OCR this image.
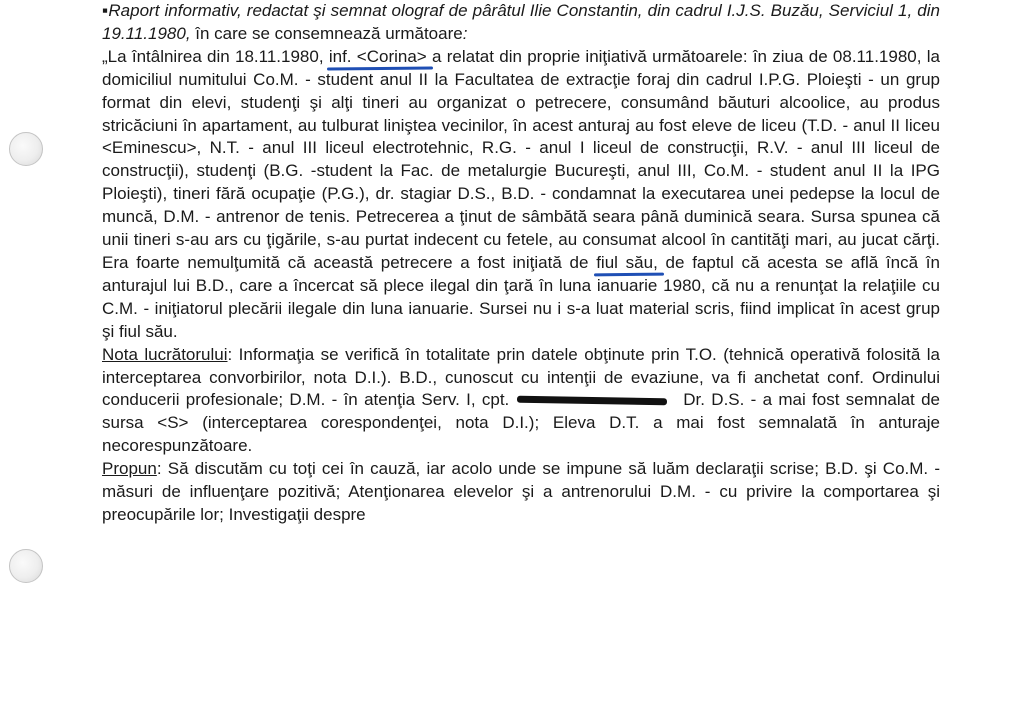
▪Raport informativ, redactat şi semnat olograf de pârâtul Ilie Constantin, din cadrul I.J.S. Buzău, Serviciul 1, din 19.11.1980, în care se consemnează următoare:

„La întâlnirea din 18.11.1980, inf. <Corina> a relatat din proprie iniţiativă următoarele: în ziua de 08.11.1980, la domiciliul numitului Co.M. - student anul II la Facultatea de extracţie foraj din cadrul I.P.G. Ploieşti - un grup format din elevi, studenţi şi alţi tineri au organizat o petrecere, consumând băuturi alcoolice, au produs stricăciuni în apartament, au tulburat liniştea vecinilor, în acest anturaj au fost eleve de liceu (T.D. - anul II liceu <Eminescu>, N.T. - anul III liceul electrotehnic, R.G. - anul I liceul de construcţii, R.V. - anul III liceul de construcţii), studenţi (B.G. -student la Fac. de metalurgie Bucureşti, anul III, Co.M. - student anul II la IPG Ploieşti), tineri fără ocupaţie (P.G.), dr. stagiar D.S., B.D. - condamnat la executarea unei pedepse la locul de muncă, D.M. - antrenor de tenis. Petrecerea a ţinut de sâmbătă seara până duminică seara. Sursa spunea că unii tineri s-au ars cu ţigările, s-au purtat indecent cu fetele, au consumat alcool în cantităţi mari, au jucat cărţi. Era foarte nemulţumită că această petrecere a fost iniţiată de fiul său, de faptul că acesta se află încă în anturajul lui B.D., care a încercat să plece ilegal din ţară în luna ianuarie 1980, că nu a renunţat la relaţiile cu C.M. - iniţiatorul plecării ilegale din luna ianuarie. Sursei nu i s-a luat material scris, fiind implicat în acest grup şi fiul său.

Nota lucrătorului: Informaţia se verifică în totalitate prin datele obţinute prin T.O. (tehnică operativă folosită la interceptarea convorbirilor, nota D.I.). B.D., cunoscut cu intenţii de evaziune, va fi anchetat conf. Ordinului conducerii profesionale; D.M. - în atenţia Serv. I, cpt.	Dr. D.S. - a mai fost semnalat de sursa <S> (interceptarea corespondenţei, nota D.I.); Eleva D.T. a mai fost semnalată în anturaje necorespunzătoare.

Propun: Să discutăm cu toţi cei în cauză, iar acolo unde se impune să luăm declaraţii scrise; B.D. şi Co.M. - măsuri de influenţare pozitivă; Atenţionarea elevelor şi a antrenorului D.M. - cu privire la comportarea şi preocupările lor; Investigaţii despre
